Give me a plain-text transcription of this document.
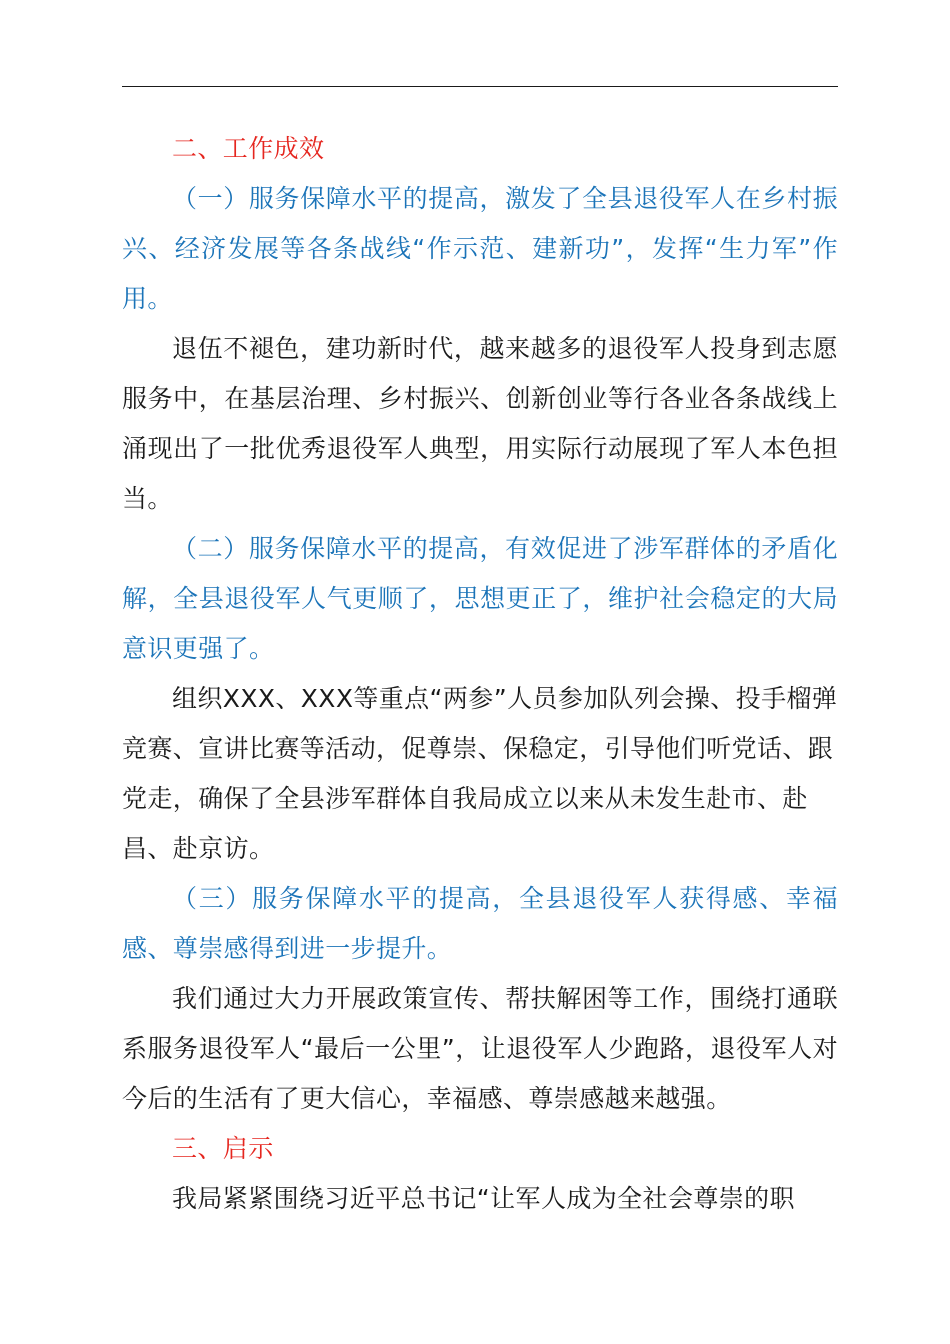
二、工作成效

（一）服务保障水平的提高，激发了全县退役军人在乡村振兴、经济发展等各条战线“作示范、建新功”，发挥“生力军”作用。

退伍不褪色，建功新时代，越来越多的退役军人投身到志愿服务中，在基层治理、乡村振兴、创新创业等行各业各条战线上涌现出了一批优秀退役军人典型，用实际行动展现了军人本色担当。

（二）服务保障水平的提高，有效促进了涉军群体的矛盾化解，全县退役军人气更顺了，思想更正了，维护社会稳定的大局意识更强了。

组织XXX、XXX等重点“两参”人员参加队列会操、投手榴弹竞赛、宣讲比赛等活动，促尊崇、保稳定，引导他们听党话、跟党走，确保了全县涉军群体自我局成立以来从未发生赴市、赴昌、赴京访。

（三）服务保障水平的提高，全县退役军人获得感、幸福感、尊崇感得到进一步提升。

我们通过大力开展政策宣传、帮扶解困等工作，围绕打通联系服务退役军人“最后一公里”，让退役军人少跑路，退役军人对今后的生活有了更大信心，幸福感、尊崇感越来越强。

三、启示

我局紧紧围绕习近平总书记“让军人成为全社会尊崇的职
